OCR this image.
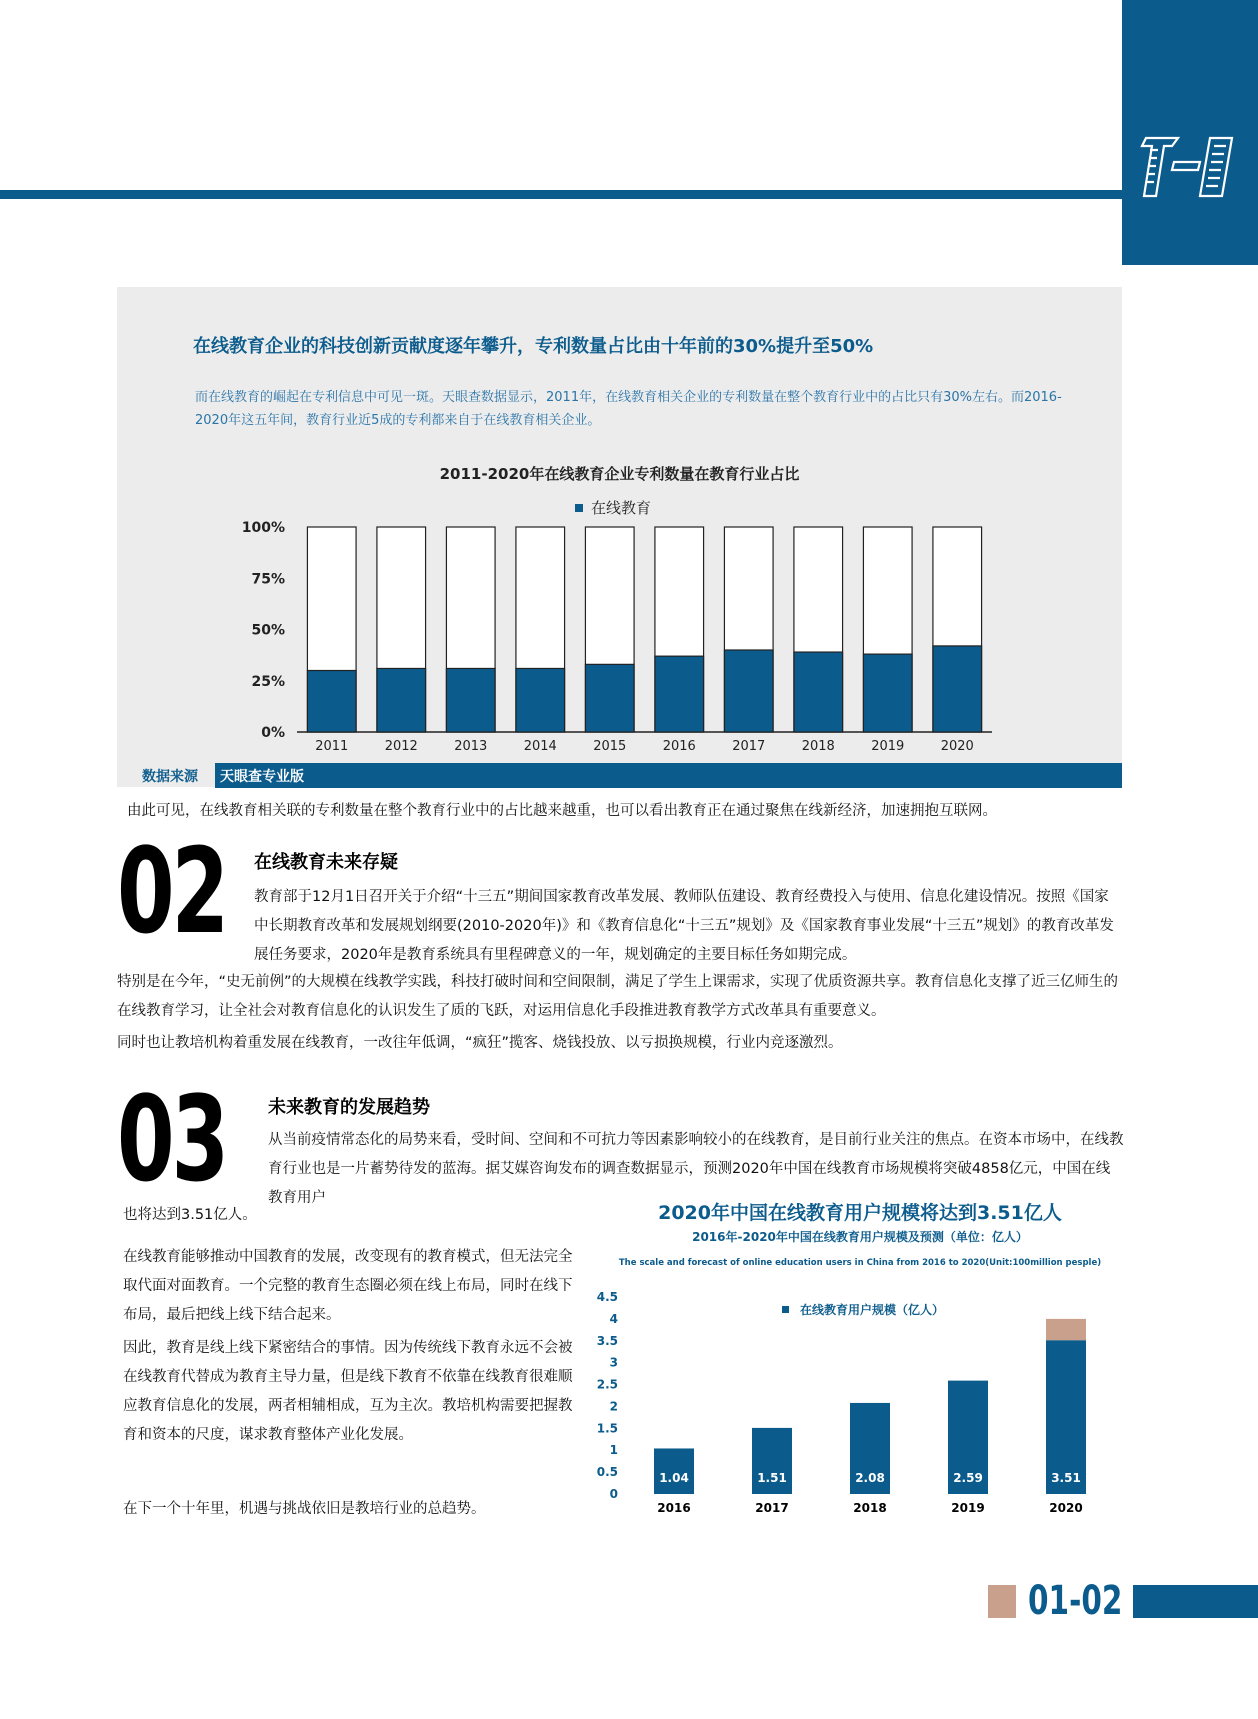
在线教育企业的科技创新贡献度逐年攀升，专利数量占比由十年前的30%提升至50%
而在线教育的崛起在专利信息中可见一斑。天眼查数据显示，2011年，在线教育相关企业的专利数量在整个教育行业中的占比只有30%左右。而2016-2020年这五年间，教育行业近5成的专利都来自于在线教育相关企业。
2011-2020年在线教育企业专利数量在教育行业占比
在线教育
0%
25%
50%
75%
100%
2011	2012	2013	2014	2015	2016	2017	2018	2019	2020
数据来源 天眼查专业版
由此可见，在线教育相关联的专利数量在整个教育行业中的占比越来越重，也可以看出教育正在通过聚焦在线新经济，加速拥抱互联网。
02 在线教育未来存疑
教育部于12月1日召开关于介绍“十三五”期间国家教育改革发展、教师队伍建设、教育经费投入与使用、信息化建设情况。按照《国家中长期教育改革和发展规划纲要(2010-2020年)》和《教育信息化“十三五”规划》及《国家教育事业发展“十三五”规划》的教育改革发展任务要求，2020年是教育系统具有里程碑意义的一年，规划确定的主要目标任务如期完成。
特别是在今年，“史无前例”的大规模在线教学实践，科技打破时间和空间限制，满足了学生上课需求，实现了优质资源共享。教育信息化支撑了近三亿师生的在线教育学习，让全社会对教育信息化的认识发生了质的飞跃，对运用信息化手段推进教育教学方式改革具有重要意义。
同时也让教培机构着重发展在线教育，一改往年低调，“疯狂”揽客、烧钱投放、以亏损换规模，行业内竞逐激烈。
03 未来教育的发展趋势
从当前疫情常态化的局势来看，受时间、空间和不可抗力等因素影响较小的在线教育，是目前行业关注的焦点。在资本市场中，在线教育行业也是一片蓄势待发的蓝海。据艾媒咨询发布的调查数据显示，预测2020年中国在线教育市场规模将突破4858亿元，中国在线教育用户
也将达到3.51亿人。
在线教育能够推动中国教育的发展，改变现有的教育模式，但无法完全取代面对面教育。一个完整的教育生态圈必须在线上布局，同时在线下布局，最后把线上线下结合起来。
因此，教育是线上线下紧密结合的事情。因为传统线下教育永远不会被在线教育代替成为教育主导力量，但是线下教育不依靠在线教育很难顺应教育信息化的发展，两者相辅相成，互为主次。教培机构需要把握教育和资本的尺度，谋求教育整体产业化发展。
在下一个十年里，机遇与挑战依旧是教培行业的总趋势。
2020年中国在线教育用户规模将达到3.51亿人
2016年-2020年中国在线教育用户规模及预测（单位：亿人）
The scale and forecast of online education users in China from 2016 to 2020(Unit:100million pesple)
0
0.5
1
1.5
2
2.5
3
3.5
4
4.5
在线教育用户规模（亿人）
1.04
2016
1.51
2017
2.08
2018
2.59
2019
3.51
2020
01-02
